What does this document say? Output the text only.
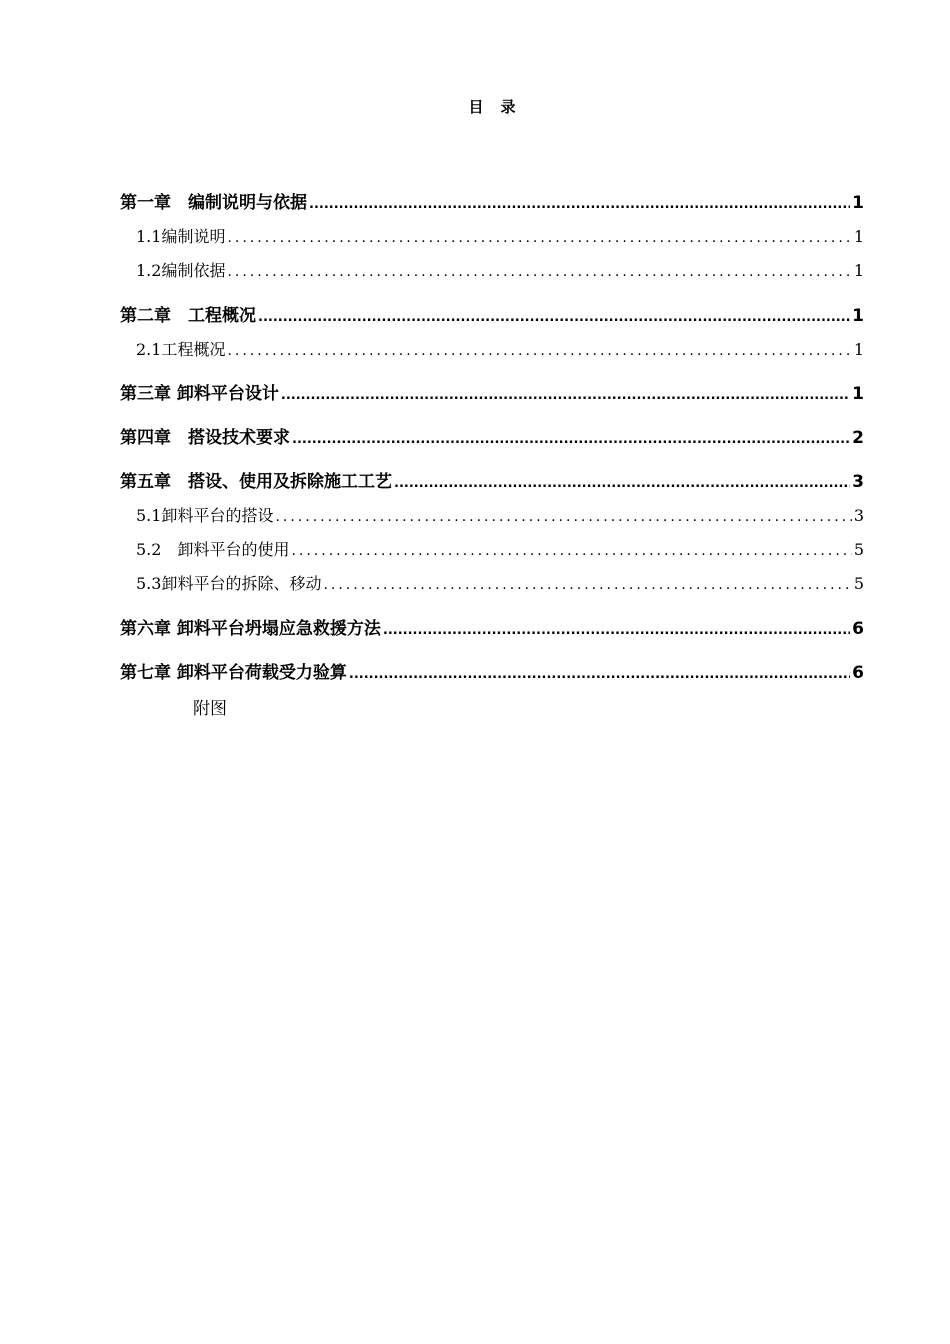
目　录
第一章　编制说明与依据 .....	1
1.1编制说明 .....	1
1.2编制依据 .....	1
第二章　工程概况 .....	1
2.1工程概况 .....	1
第三章 卸料平台设计 .....	1
第四章　搭设技术要求 .....	2
第五章　搭设、使用及拆除施工工艺 .....	3
5.1卸料平台的搭设 .....	3
5.2　卸料平台的使用 .....	5
5.3卸料平台的拆除、移动 .....	5
第六章 卸料平台坍塌应急救援方法 .....	6
第七章 卸料平台荷载受力验算 .....	6
附图
